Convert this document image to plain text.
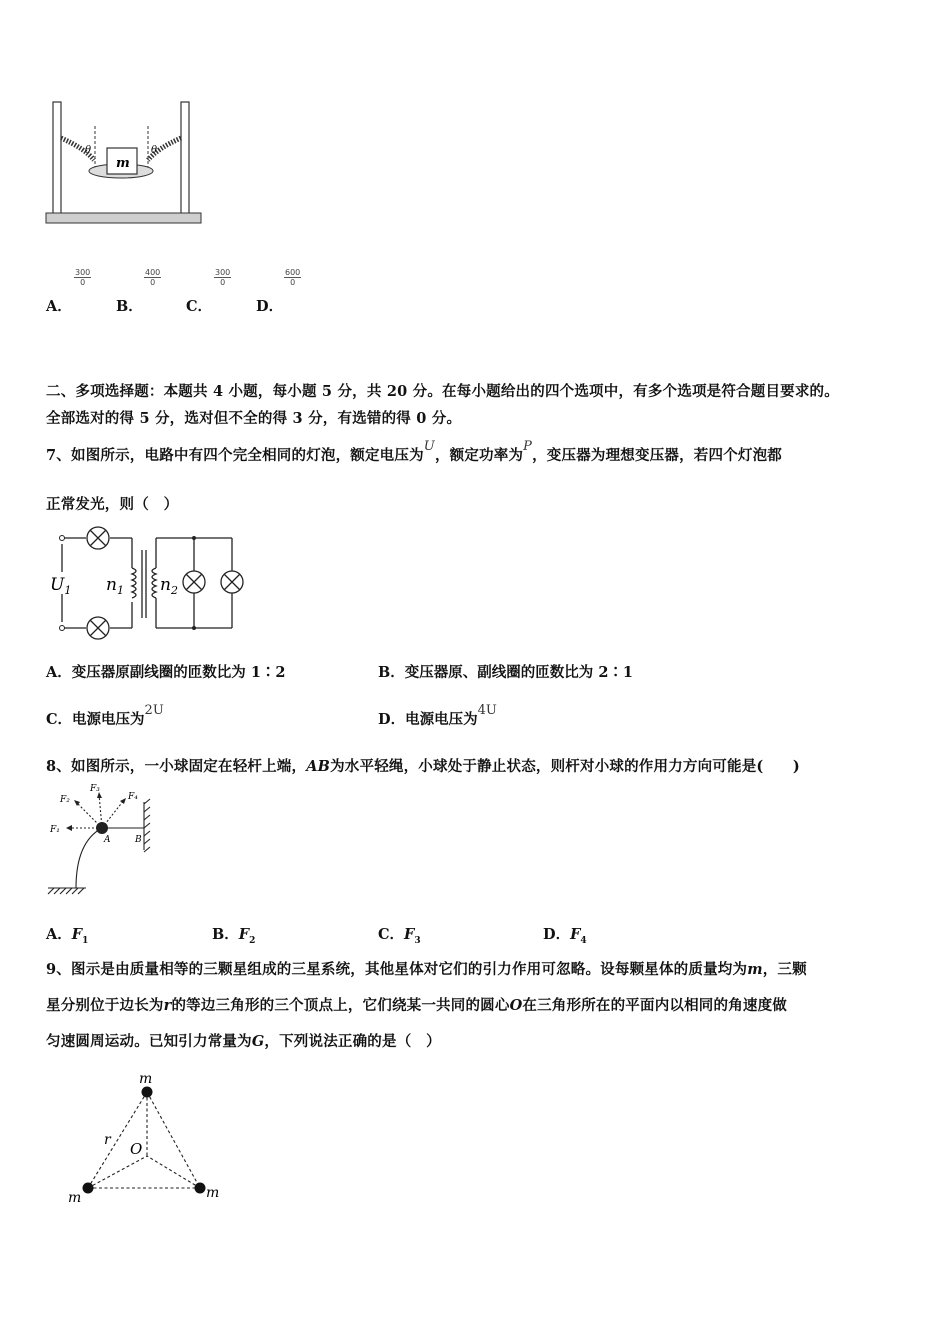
m
θ	θ
A．
$\frac{300}{0}$
B．
$\frac{400}{0}$
C．
$\frac{300}{0}$
D．
$\frac{600}{0}$
二、多项选择题：本题共 4 小题，每小题 5 分，共 20 分。在每小题给出的四个选项中，有多个选项是符合题目要求的。
全部选对的得 5 分，选对但不全的得 3 分，有选错的得 0 分。
7、如图所示，电路中有四个完全相同的灯泡，额定电压为U，额定功率为P，变压器为理想变压器，若四个灯泡都
正常发光，则（　）
$U_1$ $n_1$ $n_2$
A．变压器原副线圈的匝数比为 1∶2	B．变压器原、副线圈的匝数比为 2∶1
C．电源电压为2U
D．电源电压为4U
8、如图所示，一小球固定在轻杆上端，AB为水平轻绳，小球处于静止状态，则杆对小球的作用力方向可能是(　　)
F₁
F₂
F₃
F₄
A	B
A．$F_1$	B．$F_2$	C．$F_3$	D．$F_4$
9、图示是由质量相等的三颗星组成的三星系统，其他星体对它们的引力作用可忽略。设每颗星体的质量均为m，三颗
星分别位于边长为r的等边三角形的三个顶点上，它们绕某一共同的圆心O在三角形所在的平面内以相同的角速度做
匀速圆周运动。已知引力常量为G，下列说法正确的是（　）
m
m	m
r O
